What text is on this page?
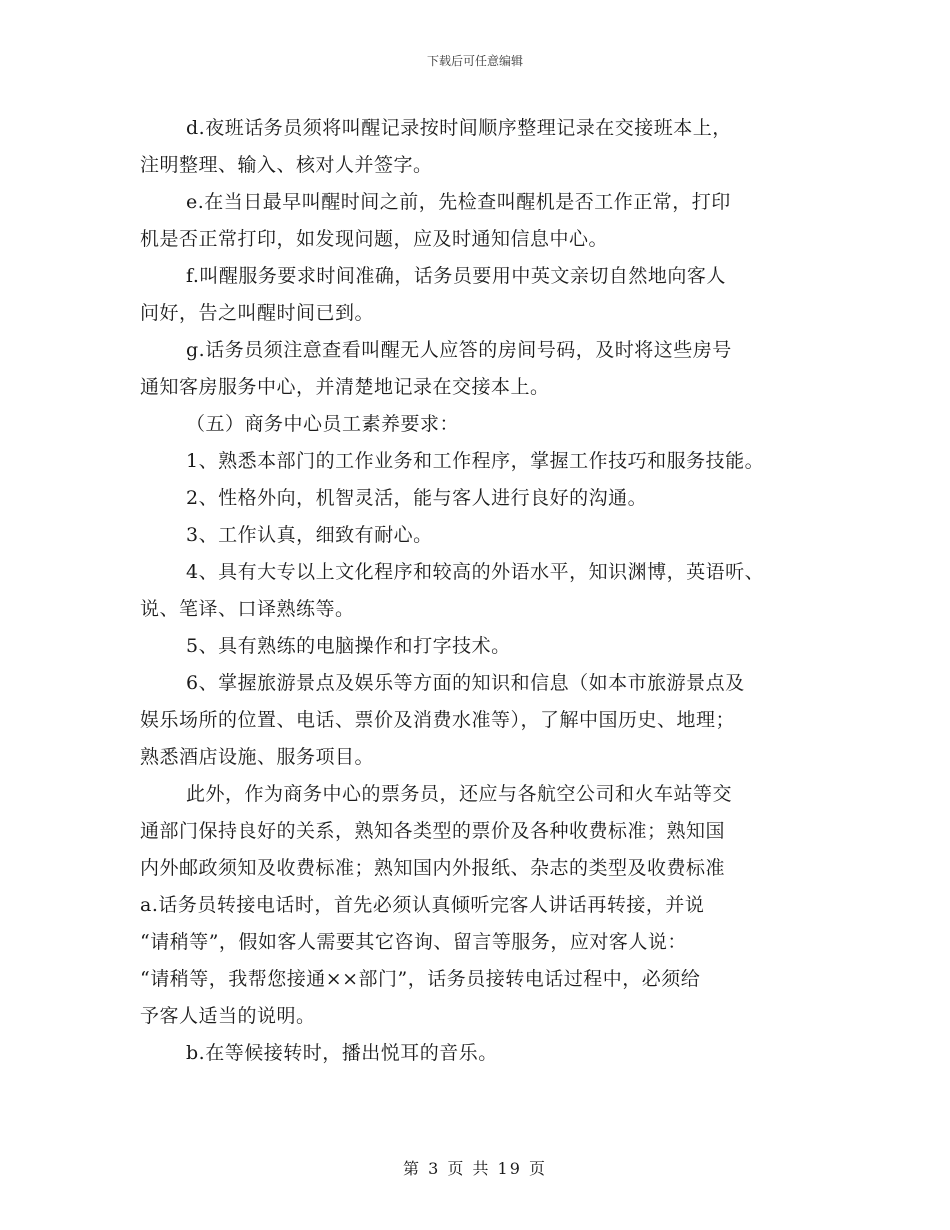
下载后可任意编辑
d.夜班话务员须将叫醒记录按时间顺序整理记录在交接班本上，
注明整理、输入、核对人并签字。
e.在当日最早叫醒时间之前，先检查叫醒机是否工作正常，打印
机是否正常打印，如发现问题，应及时通知信息中心。
f.叫醒服务要求时间准确，话务员要用中英文亲切自然地向客人
问好，告之叫醒时间已到。
g.话务员须注意查看叫醒无人应答的房间号码，及时将这些房号
通知客房服务中心，并清楚地记录在交接本上。
（五）商务中心员工素养要求：
1、熟悉本部门的工作业务和工作程序，掌握工作技巧和服务技能。
2、性格外向，机智灵活，能与客人进行良好的沟通。
3、工作认真，细致有耐心。
4、具有大专以上文化程序和较高的外语水平，知识渊博，英语听、
说、笔译、口译熟练等。
5、具有熟练的电脑操作和打字技术。
6、掌握旅游景点及娱乐等方面的知识和信息（如本市旅游景点及
娱乐场所的位置、电话、票价及消费水准等），了解中国历史、地理；
熟悉酒店设施、服务项目。
此外，作为商务中心的票务员，还应与各航空公司和火车站等交
通部门保持良好的关系，熟知各类型的票价及各种收费标准；熟知国
内外邮政须知及收费标准；熟知国内外报纸、杂志的类型及收费标准
a.话务员转接电话时，首先必须认真倾听完客人讲话再转接，并说
“请稍等”，假如客人需要其它咨询、留言等服务，应对客人说：
“请稍等，我帮您接通××部门”，话务员接转电话过程中，必须给
予客人适当的说明。
b.在等候接转时，播出悦耳的音乐。
第 3 页 共 19 页
